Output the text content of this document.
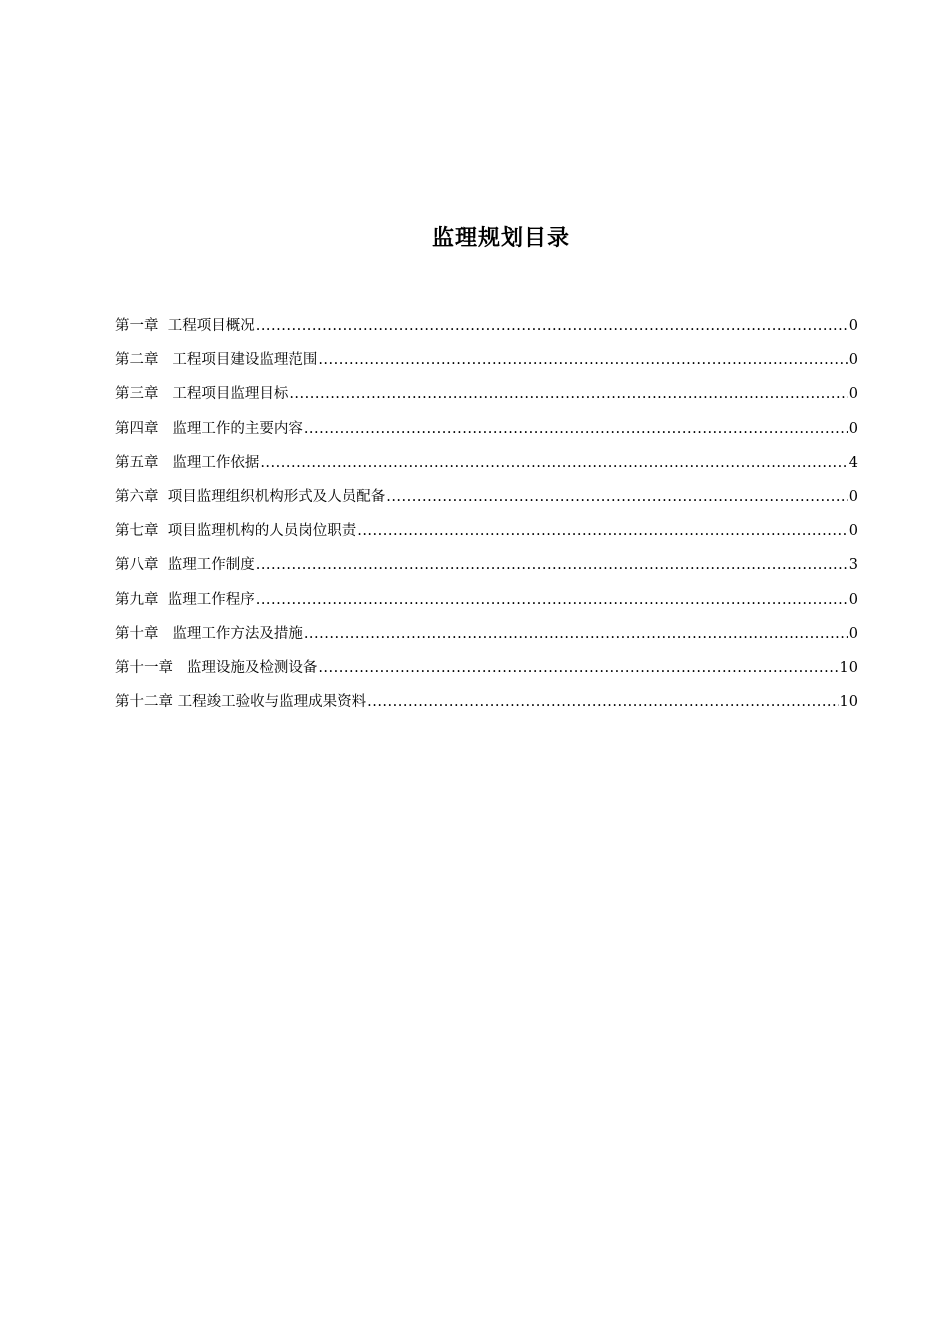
监理规划目录
第一章  工程项目概况 .....	0
第二章   工程项目建设监理范围 .....	0
第三章   工程项目监理目标 .....	0
第四章   监理工作的主要内容 .....	0
第五章   监理工作依据 .....	4
第六章  项目监理组织机构形式及人员配备 .....	0
第七章  项目监理机构的人员岗位职责 .....	0
第八章  监理工作制度 .....	3
第九章  监理工作程序 .....	0
第十章   监理工作方法及措施 .....	0
第十一章   监理设施及检测设备 .....	10
第十二章 工程竣工验收与监理成果资料 .....	10
